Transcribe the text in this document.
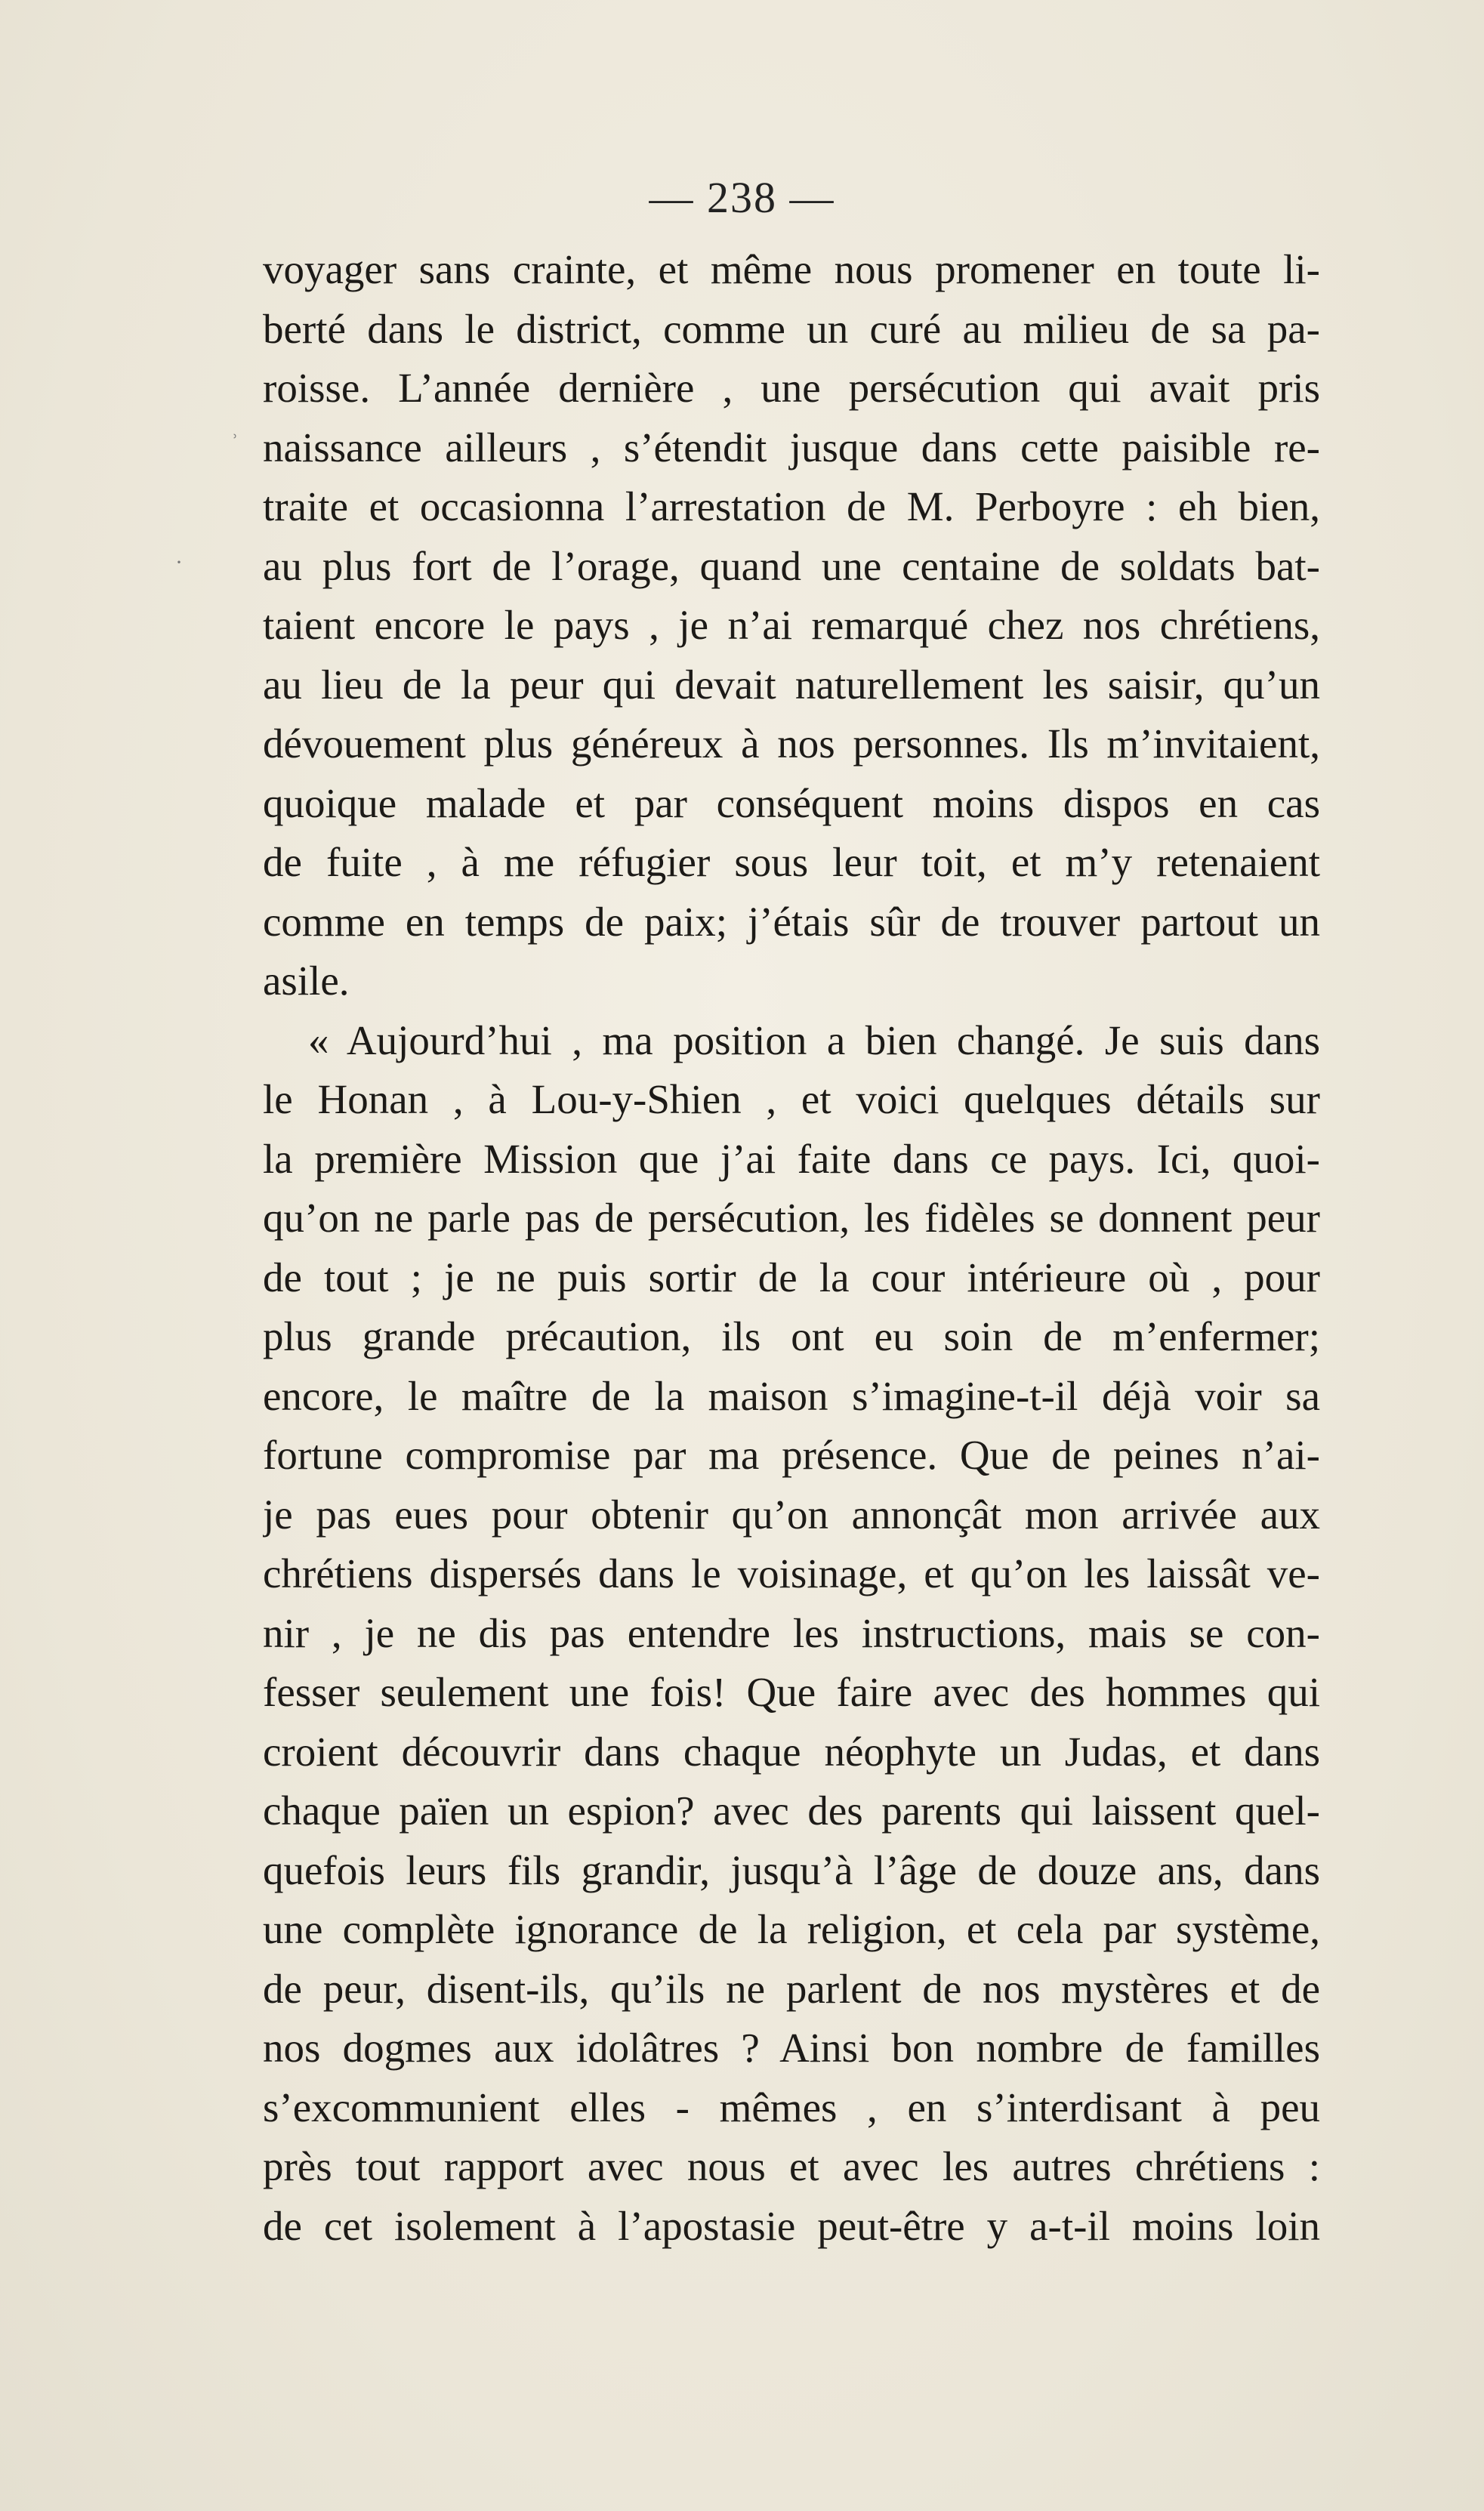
— 238 —
ʾ
·
voyager sans crainte, et même nous promener en toute li-
berté dans le district, comme un curé au milieu de sa pa-
roisse. L’année dernière , une persécution qui avait pris
naissance ailleurs , s’étendit jusque dans cette paisible re-
traite et occasionna l’arrestation de M. Perboyre : eh bien,
au plus fort de l’orage, quand une centaine de soldats bat-
taient encore le pays , je n’ai remarqué chez nos chrétiens,
au lieu de la peur qui devait naturellement les saisir, qu’un
dévouement plus généreux à nos personnes. Ils m’invitaient,
quoique malade et par conséquent moins dispos en cas
de fuite , à me réfugier sous leur toit, et m’y retenaient
comme en temps de paix; j’étais sûr de trouver partout un
asile.
« Aujourd’hui , ma position a bien changé. Je suis dans
le Honan , à Lou-y-Shien , et voici quelques détails sur
la première Mission que j’ai faite dans ce pays. Ici, quoi-
qu’on ne parle pas de persécution, les fidèles se donnent peur
de tout ; je ne puis sortir de la cour intérieure où , pour
plus grande précaution, ils ont eu soin de m’enfermer;
encore, le maître de la maison s’imagine-t-il déjà voir sa
fortune compromise par ma présence. Que de peines n’ai-
je pas eues pour obtenir qu’on annonçât mon arrivée aux
chrétiens dispersés dans le voisinage, et qu’on les laissât ve-
nir , je ne dis pas entendre les instructions, mais se con-
fesser seulement une fois! Que faire avec des hommes qui
croient découvrir dans chaque néophyte un Judas, et dans
chaque païen un espion? avec des parents qui laissent quel-
quefois leurs fils grandir, jusqu’à l’âge de douze ans, dans
une complète ignorance de la religion, et cela par système,
de peur, disent-ils, qu’ils ne parlent de nos mystères et de
nos dogmes aux idolâtres ? Ainsi bon nombre de familles
s’excommunient elles - mêmes , en s’interdisant à peu
près tout rapport avec nous et avec les autres chrétiens :
de cet isolement à l’apostasie peut-être y a-t-il moins loin
